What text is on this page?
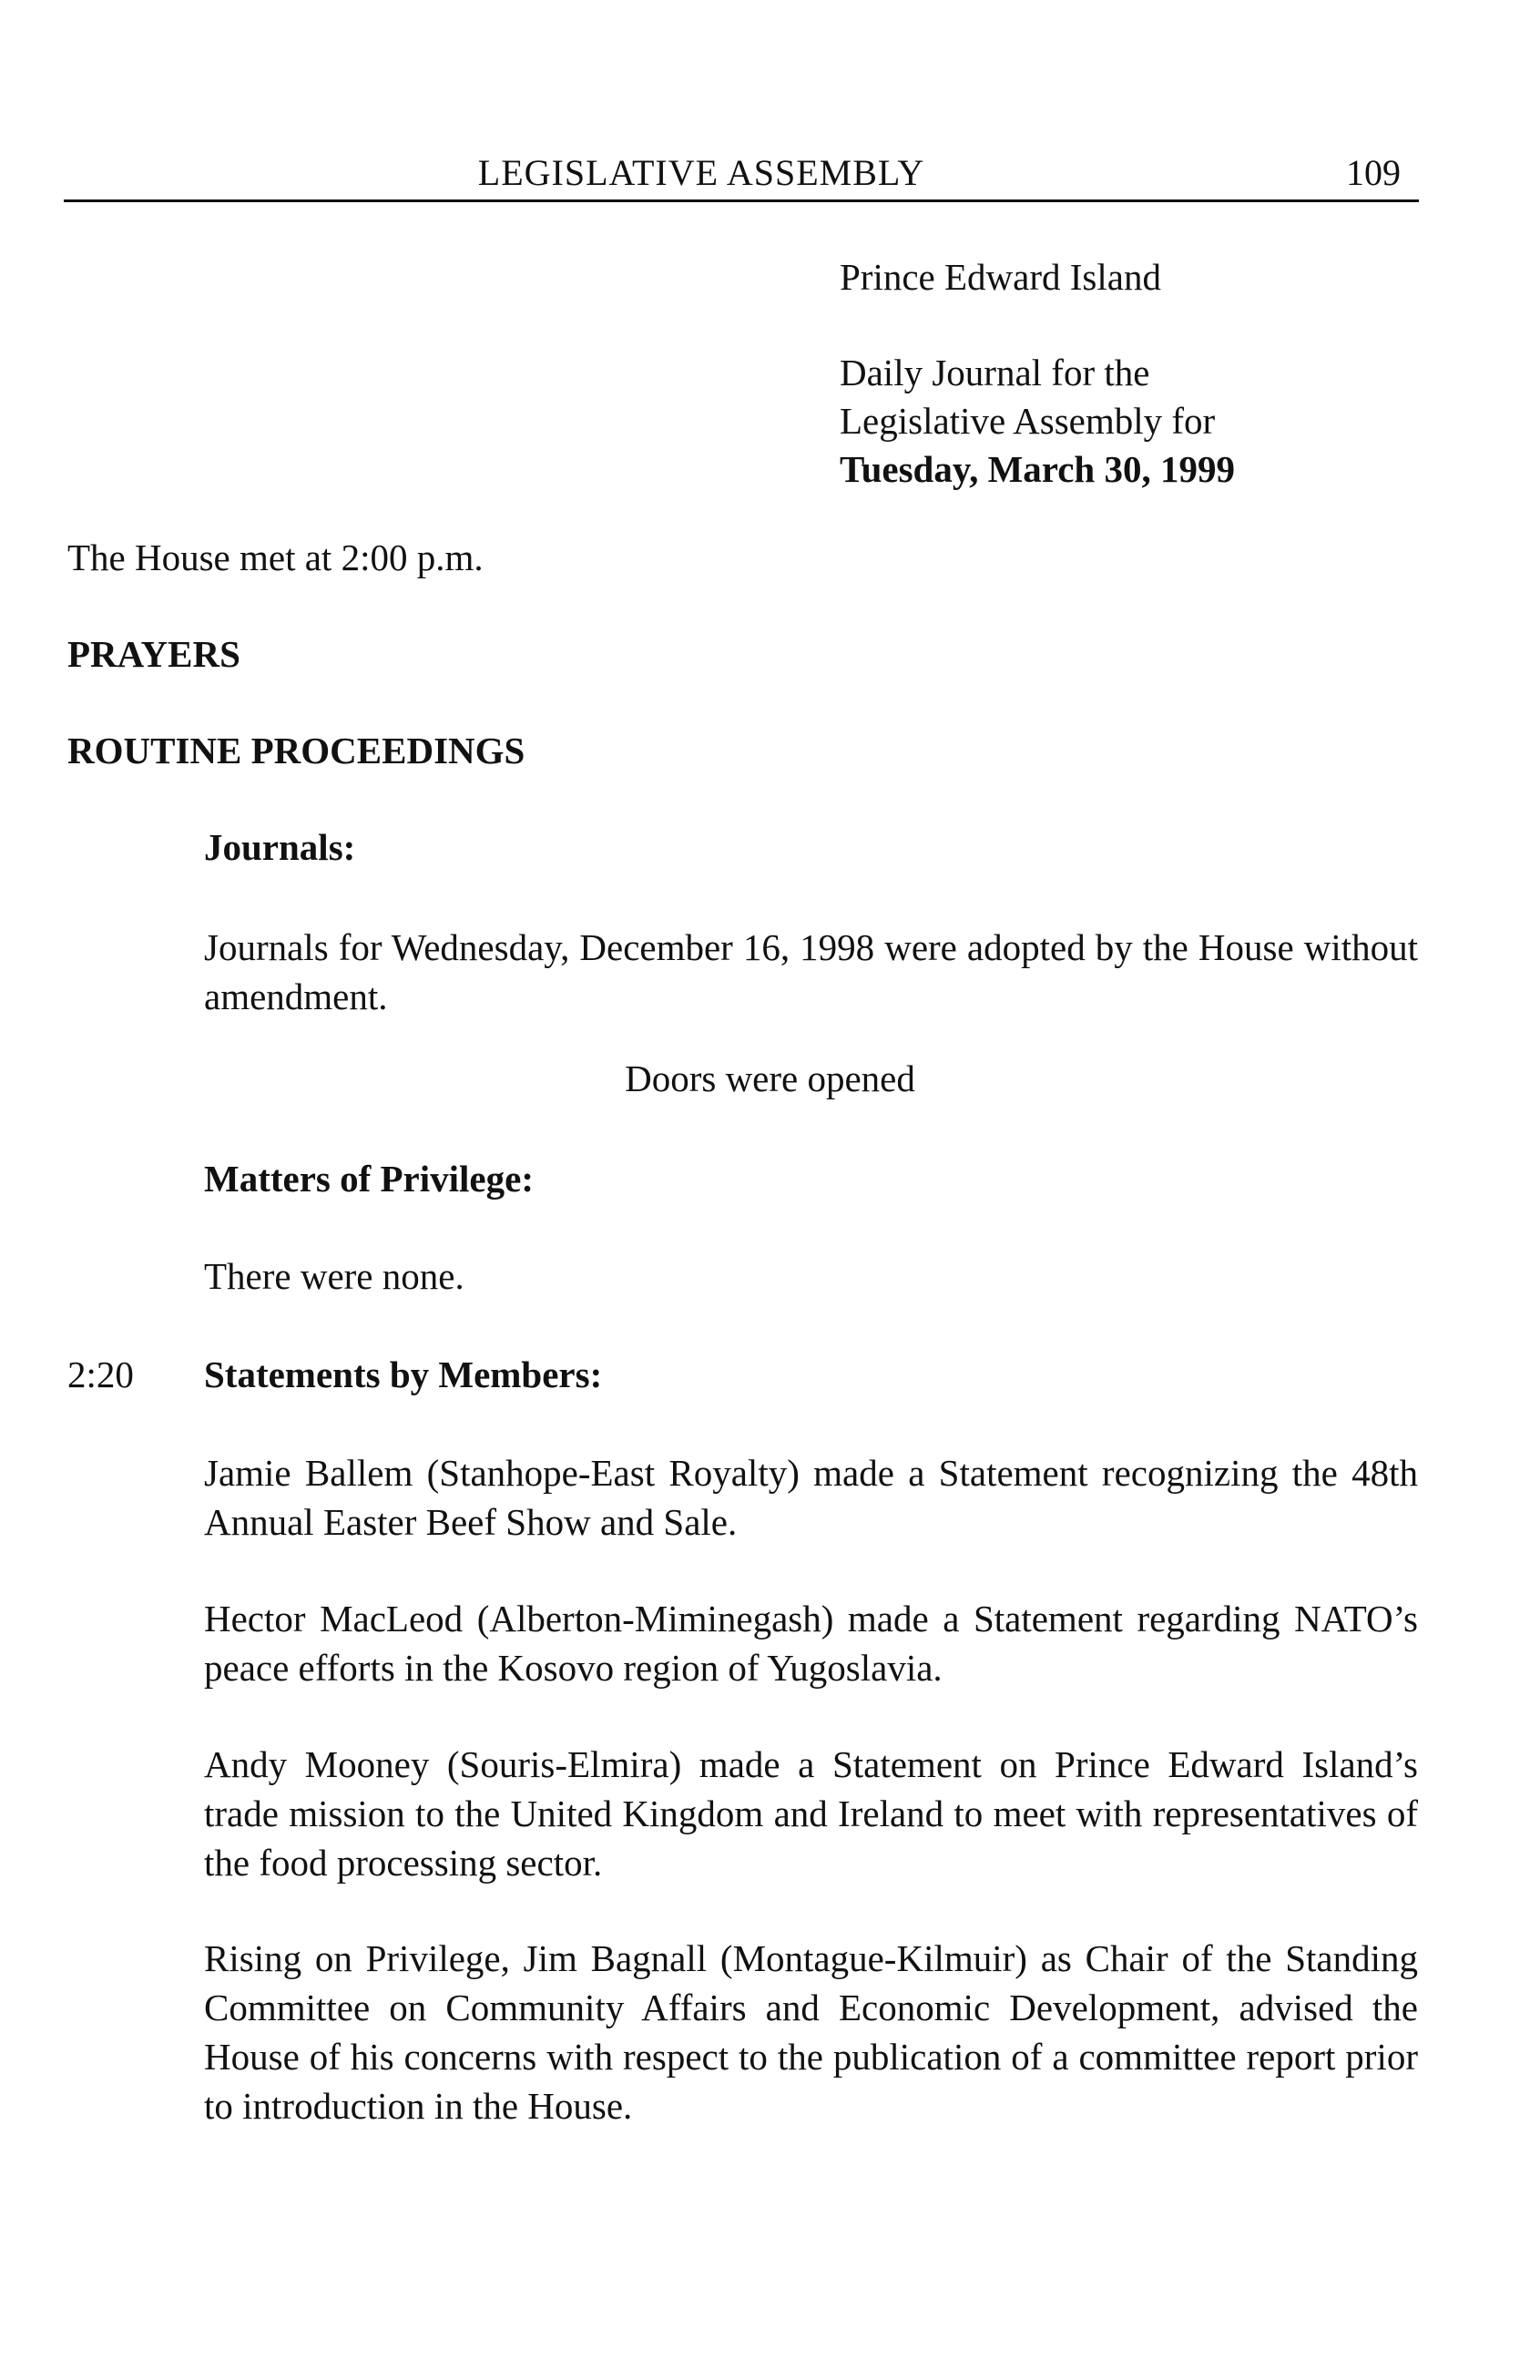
LEGISLATIVE ASSEMBLY	109
Prince Edward Island
Daily Journal for the
Legislative Assembly for
Tuesday, March 30, 1999
The House met at 2:00 p.m.
PRAYERS
ROUTINE PROCEEDINGS
Journals:

Journals for Wednesday, December 16, 1998 were adopted by the House without amendment.

Doors were opened
Matters of Privilege:
There were none.
2:20 Statements by Members:

Jamie Ballem (Stanhope-East Royalty) made a Statement recognizing the 48th Annual Easter Beef Show and Sale.

Hector MacLeod (Alberton-Miminegash) made a Statement regarding NATO’s peace efforts in the Kosovo region of Yugoslavia.

Andy Mooney (Souris-Elmira) made a Statement on Prince Edward Island’s trade mission to the United Kingdom and Ireland to meet with representatives of the food processing sector.

Rising on Privilege, Jim Bagnall (Montague-Kilmuir) as Chair of the Standing Committee on Community Affairs and Economic Development, advised the House of his concerns with respect to the publication of a committee report prior to introduction in the House.
